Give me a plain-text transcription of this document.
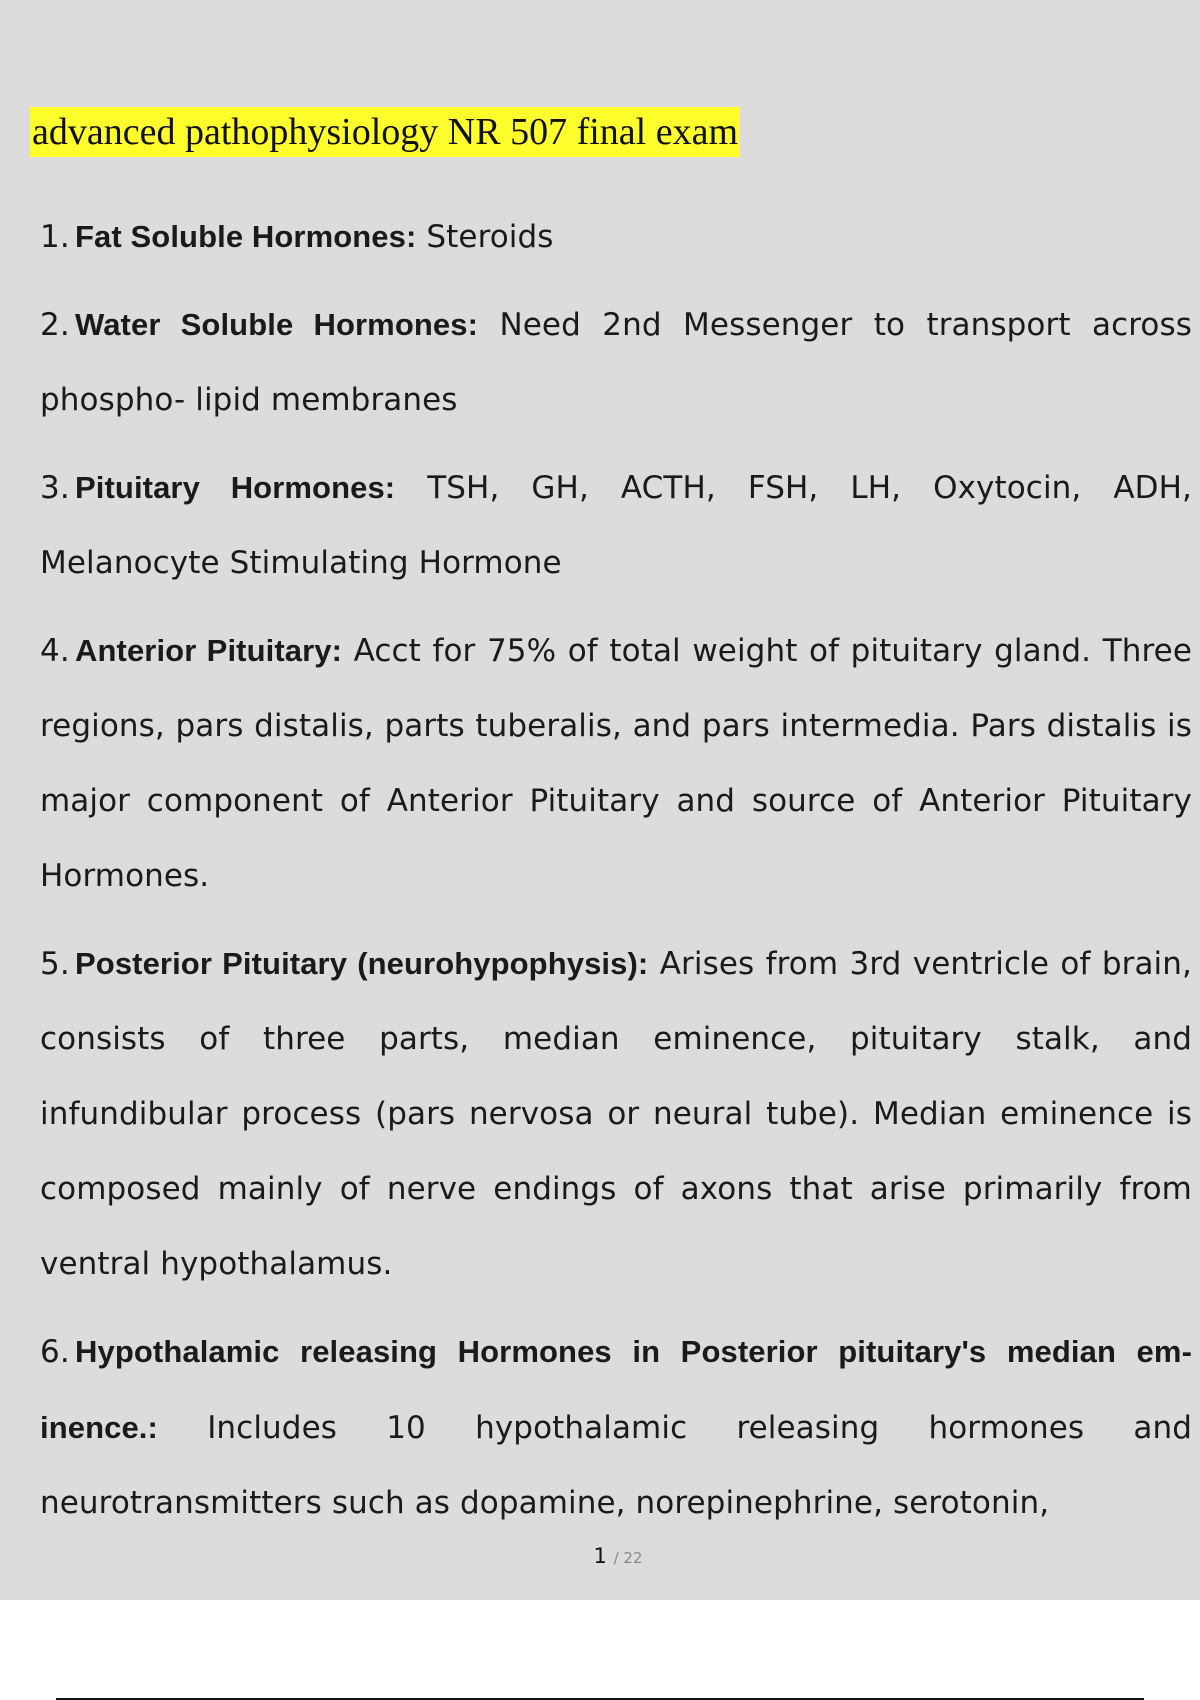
advanced pathophysiology NR 507 final exam
1. Fat Soluble Hormones: Steroids
2. Water Soluble Hormones: Need 2nd Messenger to transport across phospho- lipid membranes
3. Pituitary Hormones: TSH, GH, ACTH, FSH, LH, Oxytocin, ADH, Melanocyte Stimulating Hormone
4. Anterior Pituitary: Acct for 75% of total weight of pituitary gland. Three regions, pars distalis, parts tuberalis, and pars intermedia. Pars distalis is major component of Anterior Pituitary and source of Anterior Pituitary Hormones.
5. Posterior Pituitary (neurohypophysis): Arises from 3rd ventricle of brain, consists of three parts, median eminence, pituitary stalk, and infundibular process (pars nervosa or neural tube). Median eminence is composed mainly of nerve endings of axons that arise primarily from ventral hypothalamus.
6. Hypothalamic releasing Hormones in Posterior pituitary's median em- inence.: Includes 10 hypothalamic releasing hormones and neurotransmitters such as dopamine, norepinephrine, serotonin,
1 / 22
